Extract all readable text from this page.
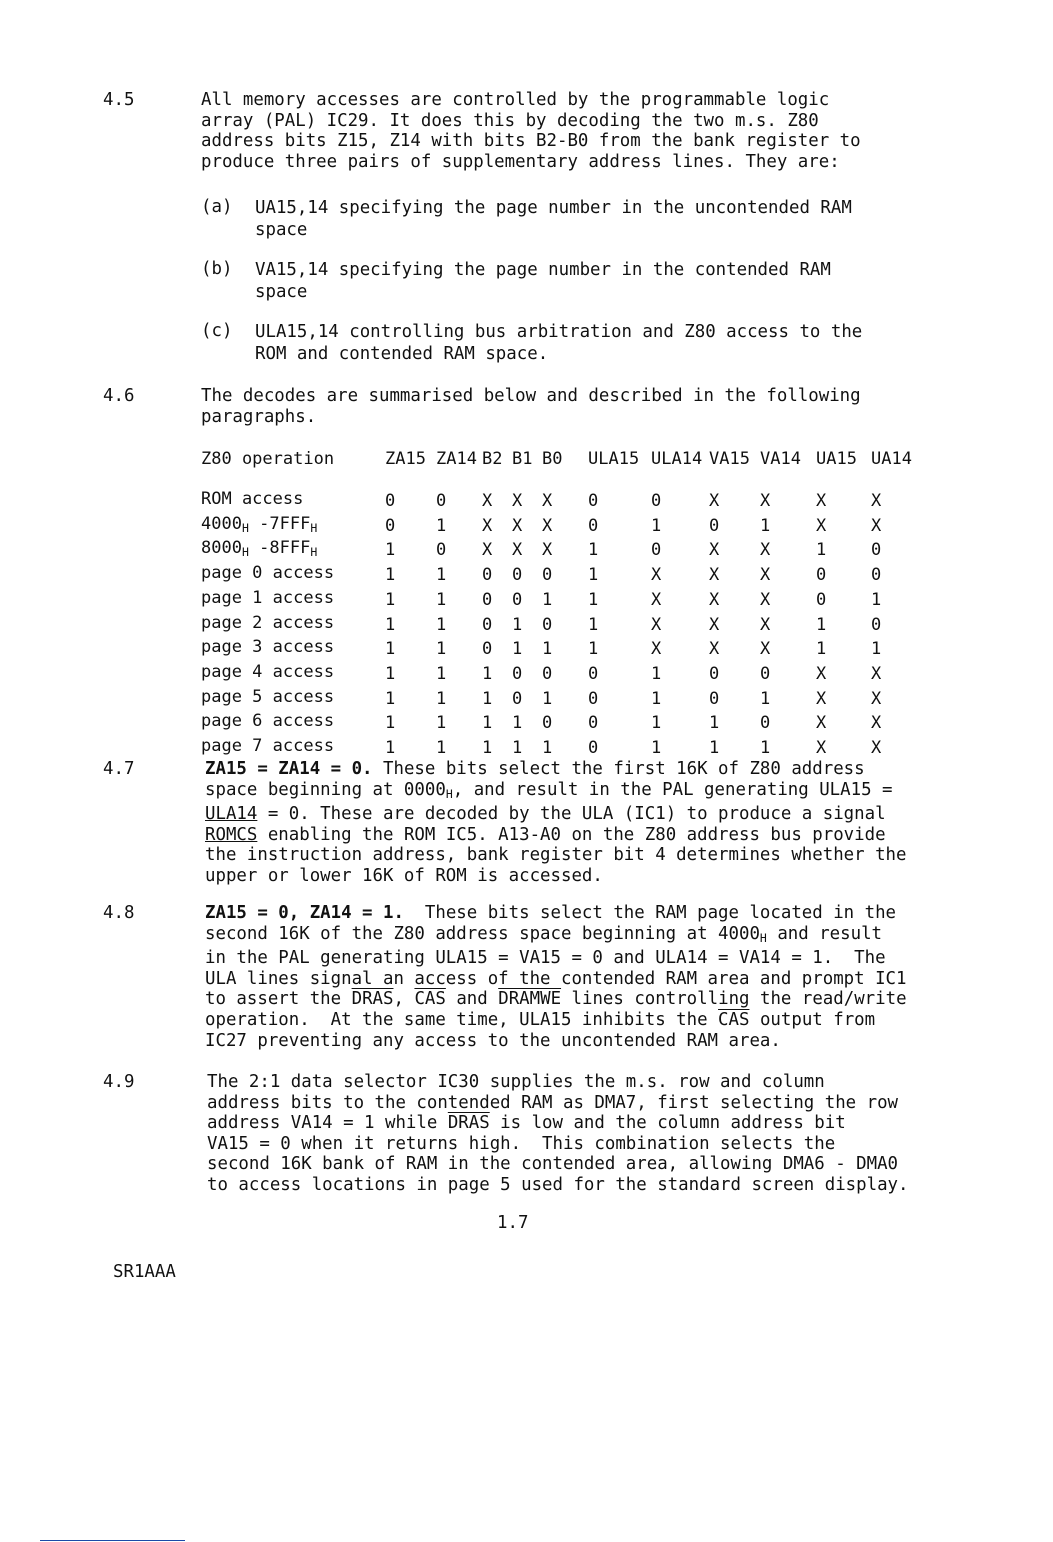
4.5	All memory accesses are controlled by the programmable logic array (PAL) IC29. It does this by decoding the two m.s. Z80 address bits Z15, Z14 with bits B2-B0 from the bank register to produce three pairs of supplementary address lines. They are:
(a) UA15,14 specifying the page number in the uncontended RAM space
(b) VA15,14 specifying the page number in the contended RAM space
(c) ULA15,14 controlling bus arbitration and Z80 access to the ROM and contended RAM space.
4.6	The decodes are summarised below and described in the following paragraphs.
Z80 operation	ZA15	ZA14	B2	B1	B0	ULA15	ULA14	VA15	VA14	UA15	UA14

ROM access	0	0	X	X	X	0	0	X	X	X	X
$4000_H$ $-7FFF_H$	0	1	X	X	X	0	1	0	1	X	X
$8000_H$ $-8FFF_H$	1	0	X	X	X	1	0	X	X	1	0
page 0 access	1	1	0	0	0	1	X	X	X	0	0
page 1 access	1	1	0	0	1	1	X	X	X	0	1
page 2 access	1	1	0	1	0	1	X	X	X	1	0
page 3 access	1	1	0	1	1	1	X	X	X	1	1
page 4 access	1	1	1	0	0	0	1	0	0	X	X
page 5 access	1	1	1	0	1	0	1	0	1	X	X
page 6 access	1	1	1	1	0	0	1	1	0	X	X
page 7 access	1	1	1	1	1	0	1	1	1	X	X
4.7	ZA15 = ZA14 = 0. These bits select the first 16K of Z80 address
space beginning at $0000_H$, and result in the PAL generating ULA15 =
ULA14 = 0. These are decoded by the ULA (IC1) to produce a signal
ROMCS enabling the ROM IC5. A13-A0 on the Z80 address bus provide
the instruction address, bank register bit 4 determines whether the
upper or lower 16K of ROM is accessed.
4.8	ZA15 = 0, ZA14 = 1.  These bits select the RAM page located in the
second 16K of the Z80 address space beginning at $4000_H$ and result
in the PAL generating ULA15 = VA15 = 0 and ULA14 = VA14 = 1.  The
ULA lines signal an access of the contended RAM area and prompt IC1
to assert the DRAS, $\overline{CAS}$ and DRAMWE lines controlling the read/write
operation.  At the same time, ULA15 inhibits the $\overline{CAS}$ output from
IC27 preventing any access to the uncontended RAM area.
4.9	The 2:1 data selector IC30 supplies the m.s. row and column
address bits to the contended RAM as DMA7, first selecting the row
address VA14 = 1 while DRAS is low and the column address bit
VA15 = 0 when it returns high.  This combination selects the
second 16K bank of RAM in the contended area, allowing DMA6 - DMA0
to access locations in page 5 used for the standard screen display.
1.7
SR1AAA
